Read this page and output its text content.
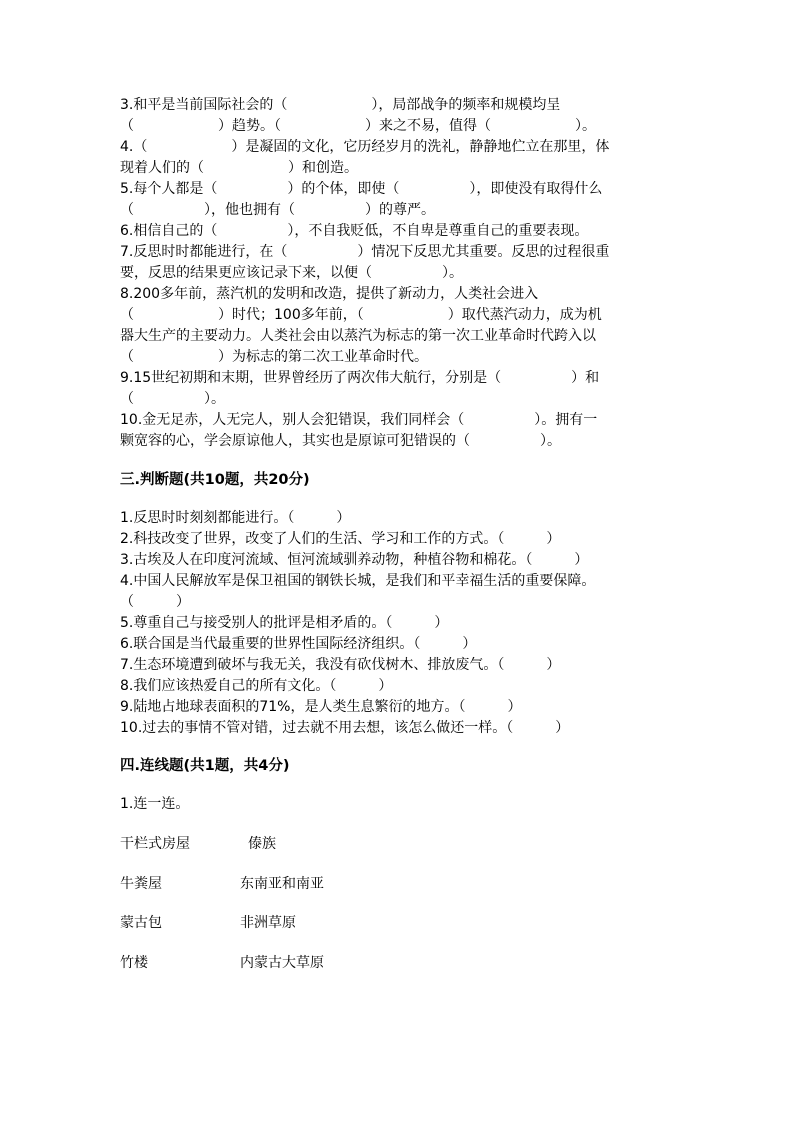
3.和平是当前国际社会的（　　　　　　），局部战争的频率和规模均呈
（　　　　　　）趋势。（　　　　　　）来之不易，值得（　　　　　　）。
4.（　　　　　　）是凝固的文化，它历经岁月的洗礼，静静地伫立在那里，体
现着人们的（　　　　　　）和创造。
5.每个人都是（　　　　　）的个体，即使（　　　　　），即使没有取得什么
（　　　　　），他也拥有（　　　　　）的尊严。
6.相信自己的（　　　　　），不自我贬低，不自卑是尊重自己的重要表现。
7.反思时时都能进行，在（　　　　　）情况下反思尤其重要。反思的过程很重
要，反思的结果更应该记录下来，以便（　　　　　）。
8.200多年前，蒸汽机的发明和改造，提供了新动力，人类社会进入
（　　　　　　）时代；100多年前，（　　　　　　）取代蒸汽动力，成为机
器大生产的主要动力。人类社会由以蒸汽为标志的第一次工业革命时代跨入以
（　　　　　　）为标志的第二次工业革命时代。
9.15世纪初期和末期，世界曾经历了两次伟大航行，分别是（　　　　　）和
（　　　　　）。
10.金无足赤，人无完人，别人会犯错误，我们同样会（　　　　　）。拥有一
颗宽容的心，学会原谅他人，其实也是原谅可犯错误的（　　　　　）。
三.判断题(共10题，共20分)
1.反思时时刻刻都能进行。（　　　）
2.科技改变了世界，改变了人们的生活、学习和工作的方式。（　　　）
3.古埃及人在印度河流域、恒河流域驯养动物，种植谷物和棉花。（　　　）
4.中国人民解放军是保卫祖国的钢铁长城，是我们和平幸福生活的重要保障。
（　　　）
5.尊重自己与接受别人的批评是相矛盾的。（　　　）
6.联合国是当代最重要的世界性国际经济组织。（　　　）
7.生态环境遭到破坏与我无关，我没有砍伐树木、排放废气。（　　　）
8.我们应该热爱自己的所有文化。（　　　）
9.陆地占地球表面积的71%，是人类生息繁衍的地方。（　　　）
10.过去的事情不管对错，过去就不用去想，该怎么做还一样。（　　　）
四.连线题(共1题，共4分)
1.连一连。
干栏式房屋	傣族
牛粪屋	东南亚和南亚
蒙古包	非洲草原
竹楼	内蒙古大草原
